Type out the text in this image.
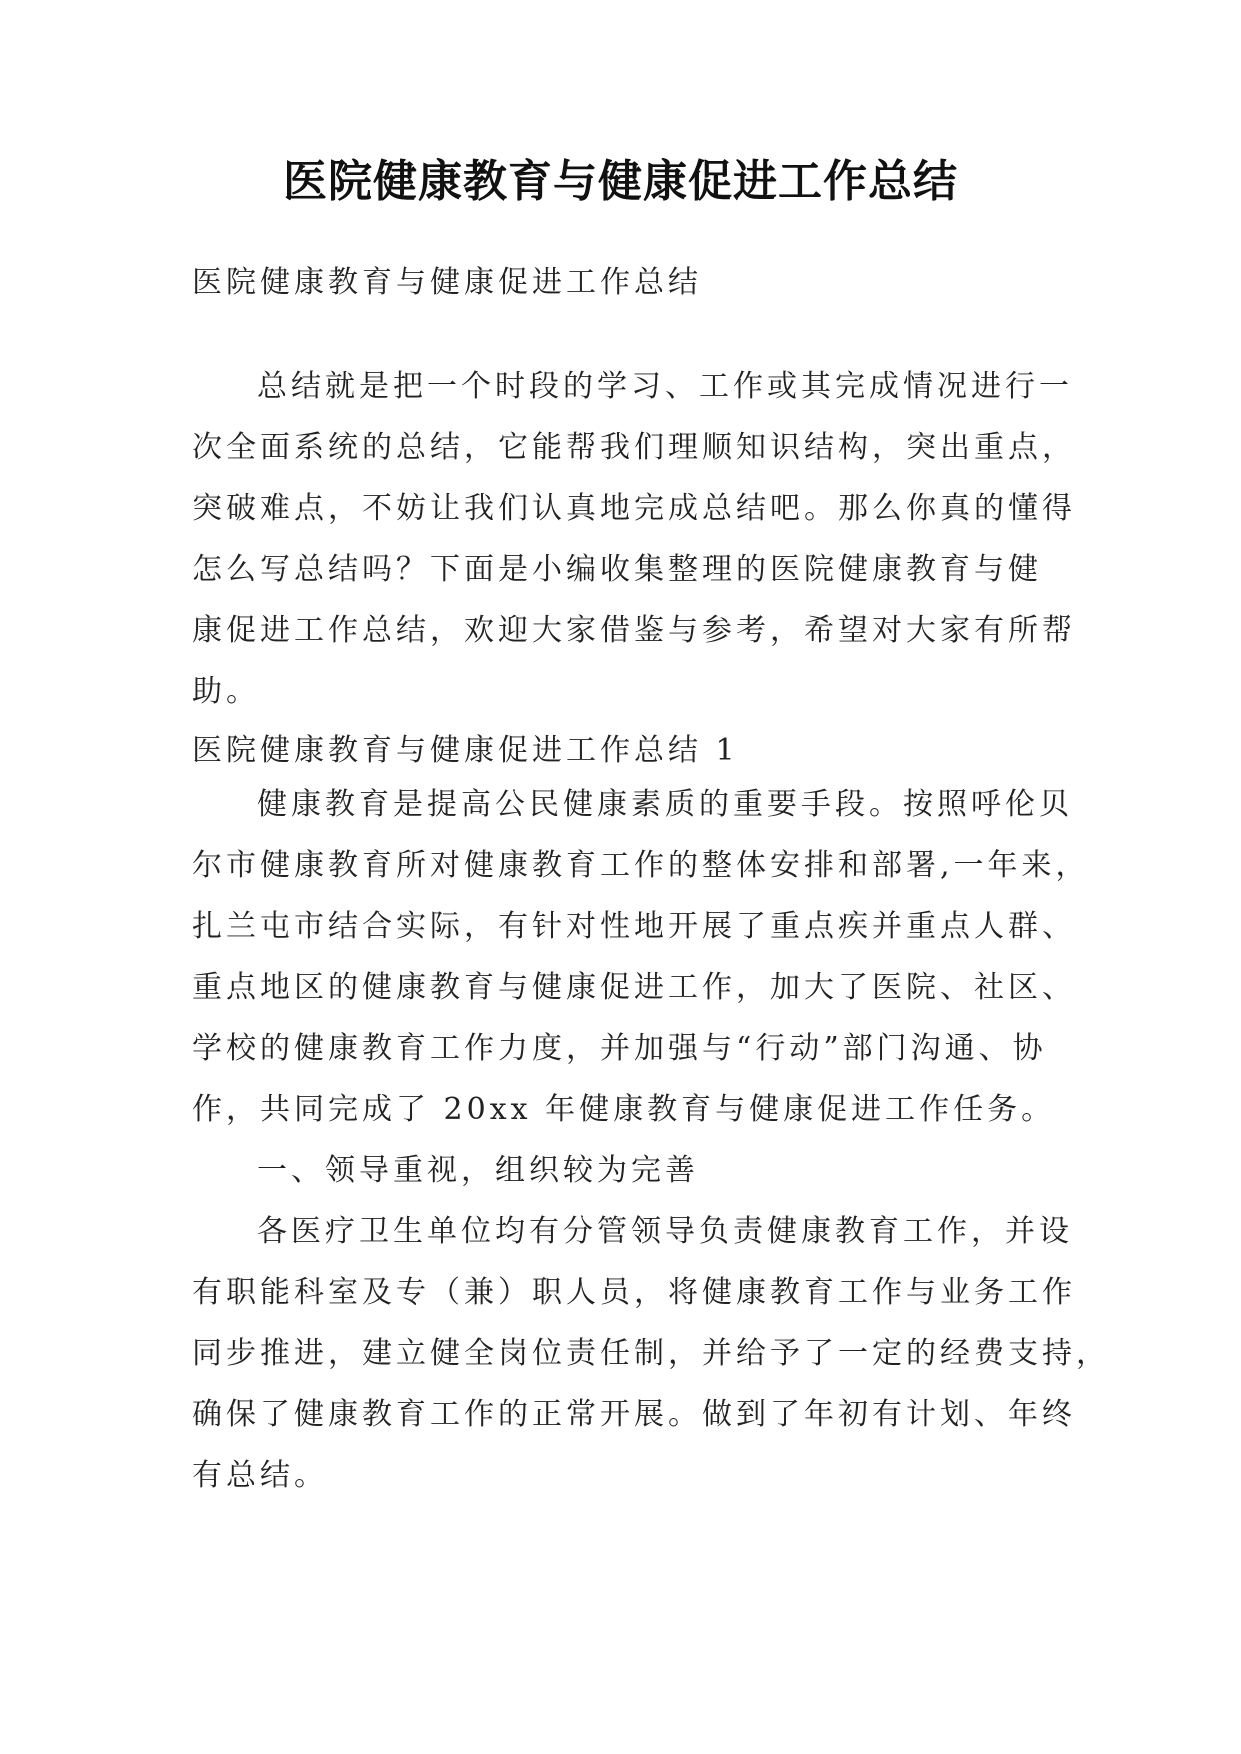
医院健康教育与健康促进工作总结
医院健康教育与健康促进工作总结
总结就是把一个时段的学习、工作或其完成情况进行一
次全面系统的总结，它能帮我们理顺知识结构，突出重点，
突破难点，不妨让我们认真地完成总结吧。那么你真的懂得
怎么写总结吗？下面是小编收集整理的医院健康教育与健
康促进工作总结，欢迎大家借鉴与参考，希望对大家有所帮
助。
医院健康教育与健康促进工作总结 1
健康教育是提高公民健康素质的重要手段。按照呼伦贝
尔市健康教育所对健康教育工作的整体安排和部署,一年来，
扎兰屯市结合实际，有针对性地开展了重点疾并重点人群、
重点地区的健康教育与健康促进工作，加大了医院、社区、
学校的健康教育工作力度，并加强与“行动”部门沟通、协
作，共同完成了 20xx 年健康教育与健康促进工作任务。
一、领导重视，组织较为完善
各医疗卫生单位均有分管领导负责健康教育工作，并设
有职能科室及专（兼）职人员，将健康教育工作与业务工作
同步推进，建立健全岗位责任制，并给予了一定的经费支持，
确保了健康教育工作的正常开展。做到了年初有计划、年终
有总结。
